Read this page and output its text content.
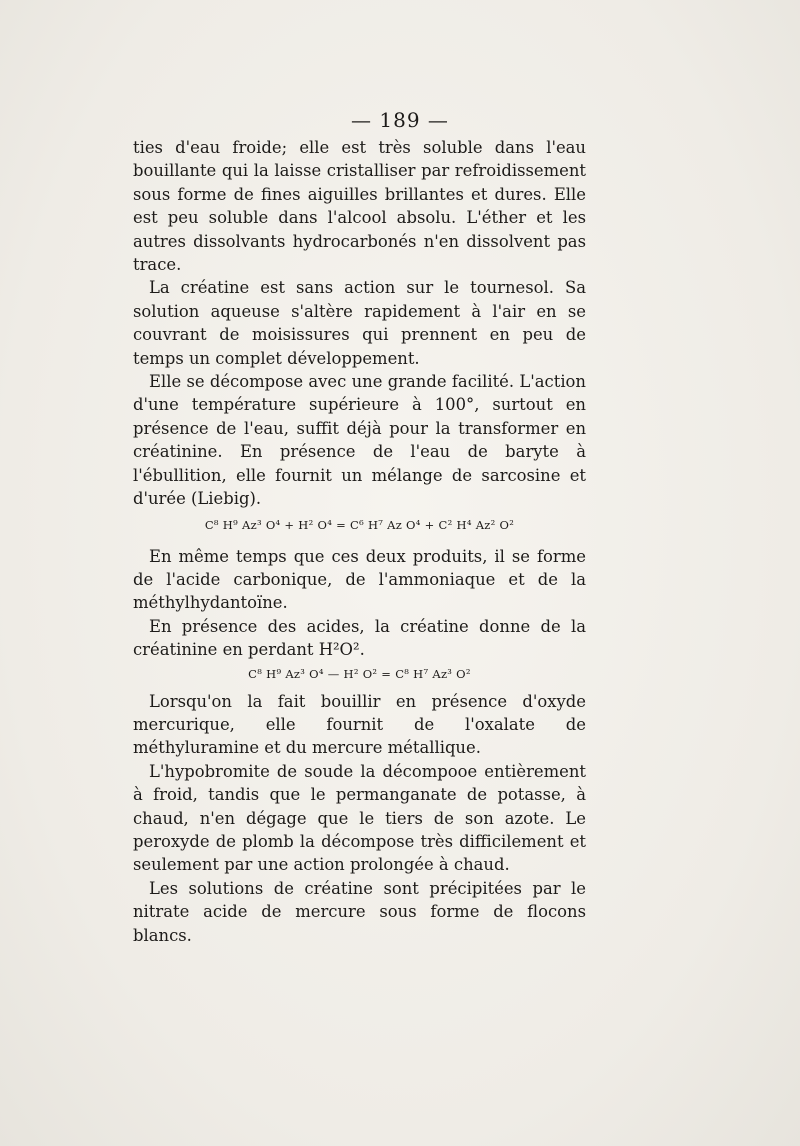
— 189 —

ties d'eau froide; elle est très soluble dans l'eau bouillante qui la laisse cristalliser par refroidissement sous forme de fines aiguilles brillantes et dures. Elle est peu soluble dans l'alcool absolu. L'éther et les autres dissolvants hydrocarbonés n'en dissolvent pas trace.

La créatine est sans action sur le tournesol. Sa solution aqueuse s'altère rapidement à l'air en se couvrant de moisissures qui prennent en peu de temps un complet développement.

Elle se décompose avec une grande facilité. L'action d'une température supérieure à 100°, surtout en présence de l'eau, suffit déjà pour la transformer en créatinine. En présence de l'eau de baryte à l'ébullition, elle fournit un mélange de sarcosine et d'urée (Liebig).

C⁸ H⁹ Az³ O⁴ + H² O⁴ = C⁶ H⁷ Az O⁴ + C² H⁴ Az² O²

En même temps que ces deux produits, il se forme de l'acide carbonique, de l'ammoniaque et de la méthylhydantoïne.

En présence des acides, la créatine donne de la créatinine en perdant H²O².

C⁸ H⁹ Az³ O⁴ — H² O² = C⁸ H⁷ Az³ O²

Lorsqu'on la fait bouillir en présence d'oxyde mercurique, elle fournit de l'oxalate de méthyluramine et du mercure métallique.

L'hypobromite de soude la décompooe entièrement à froid, tandis que le permanganate de potasse, à chaud, n'en dégage que le tiers de son azote. Le peroxyde de plomb la décompose très difficilement et seulement par une action prolongée à chaud.

Les solutions de créatine sont précipitées par le nitrate acide de mercure sous forme de flocons blancs.
